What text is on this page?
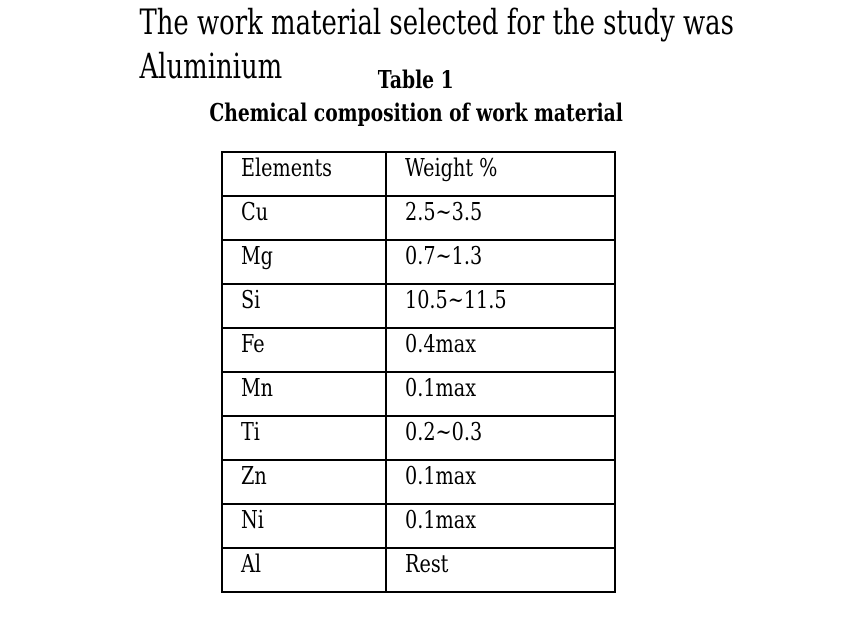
The work material selected for the study was Aluminium	Table 1
Chemical composition of work material
Elements	Weight %
Cu	2.5~3.5
Mg	0.7~1.3
Si	10.5~11.5
Fe	0.4max
Mn	0.1max
Ti	0.2~0.3
Zn	0.1max
Ni	0.1max
Al	Rest
